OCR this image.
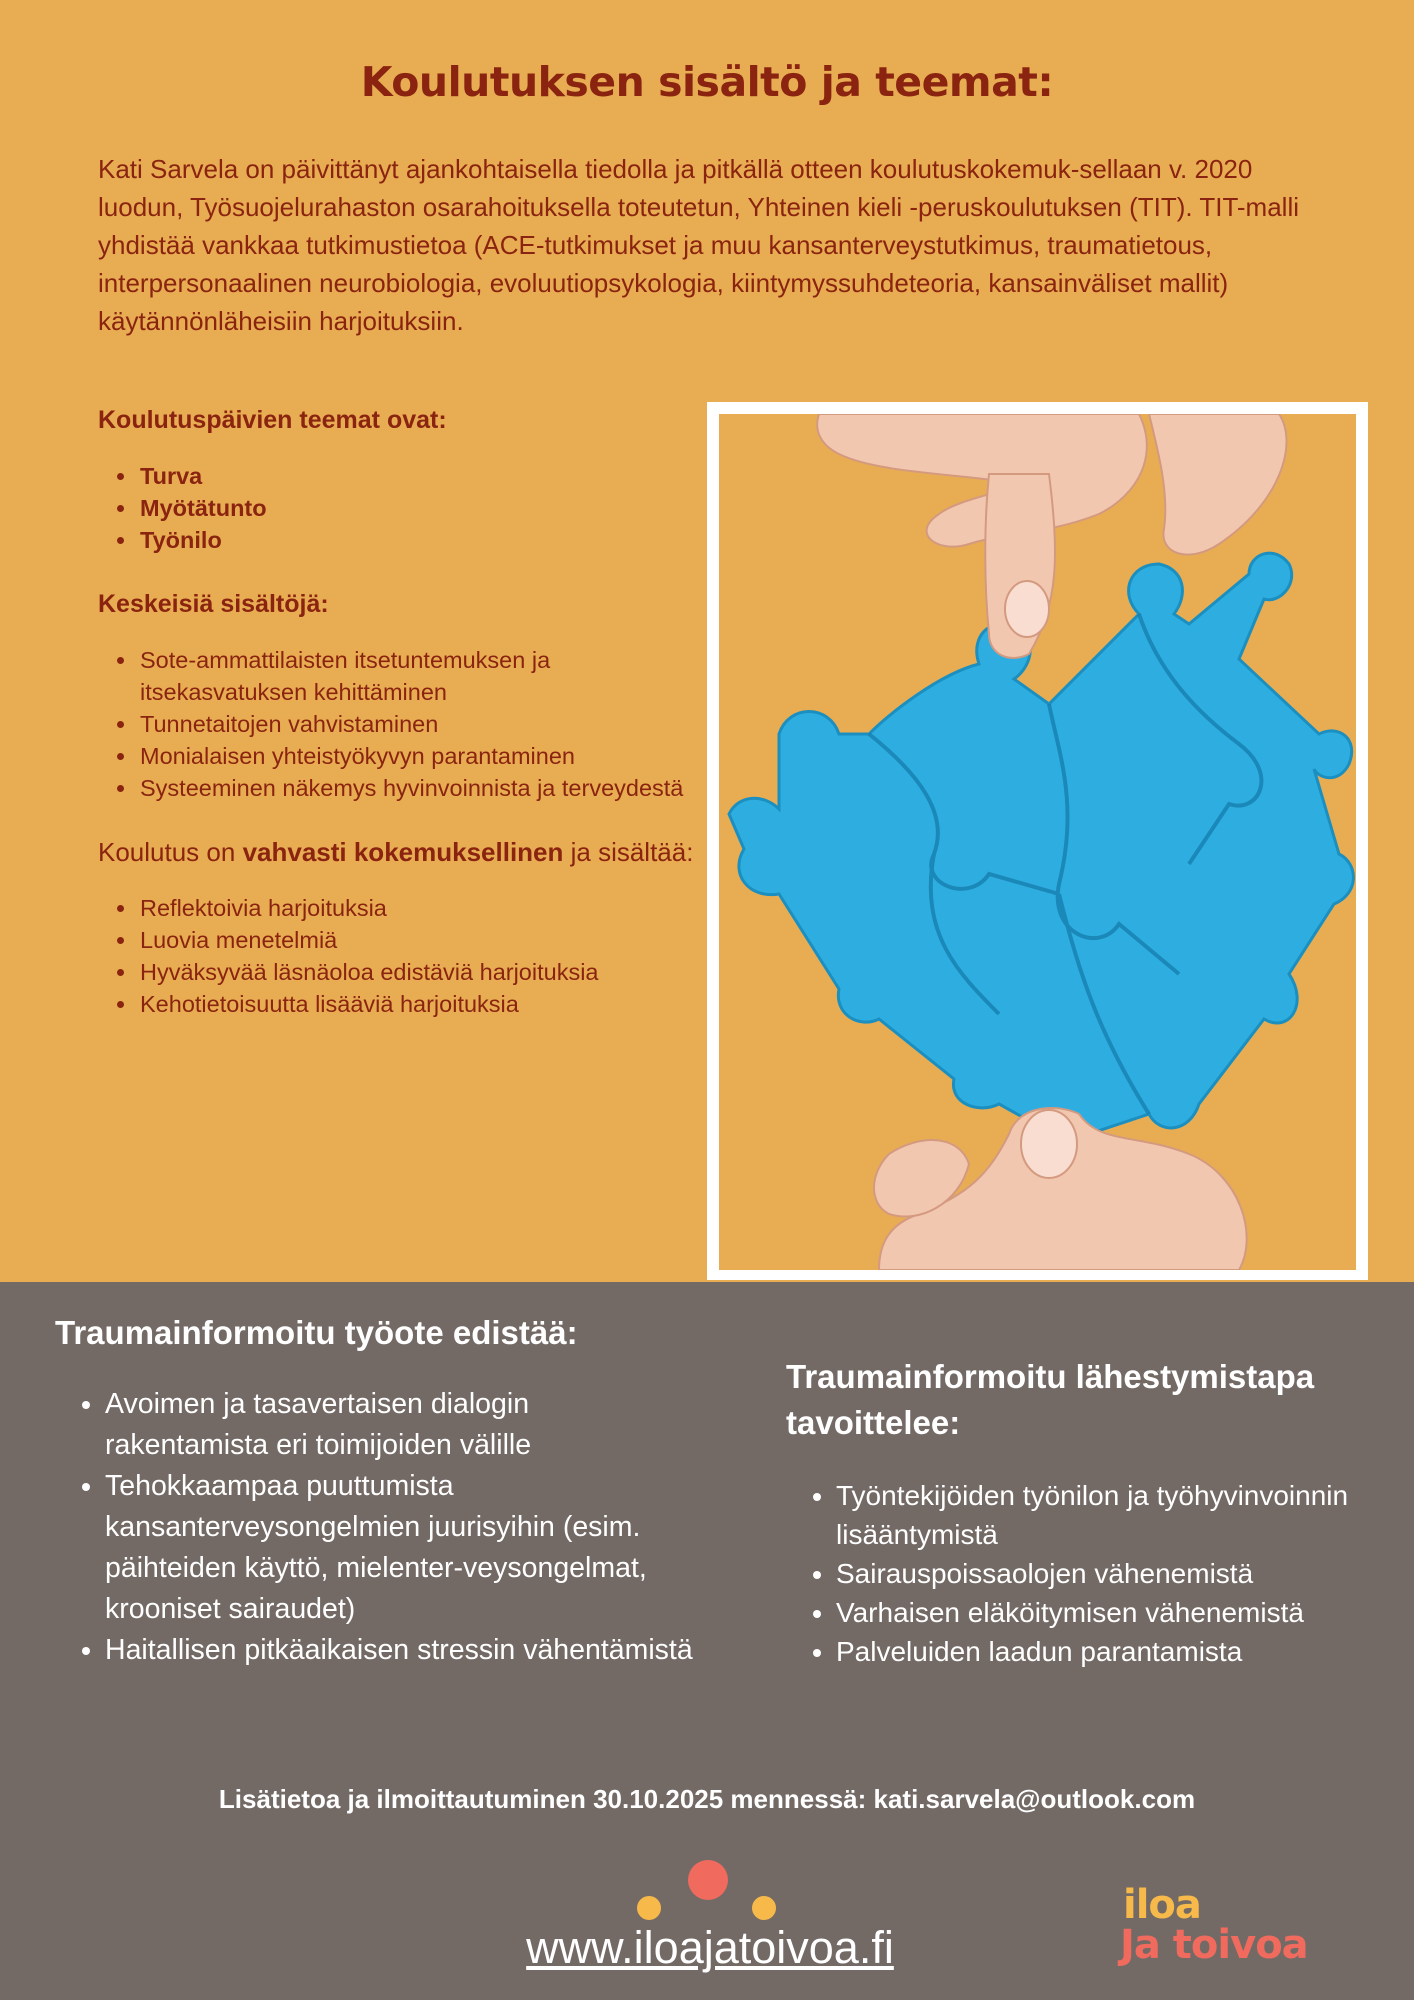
Koulutuksen sisältö ja teemat:

Kati Sarvela on päivittänyt ajankohtaisella tiedolla ja pitkällä otteen koulutuskokemuk-sellaan v. 2020 luodun, Työsuojelurahaston osarahoituksella toteutetun, Yhteinen kieli -peruskoulutuksen (TIT). TIT-malli yhdistää vankkaa tutkimustietoa (ACE-tutkimukset ja muu kansanterveystutkimus, traumatietous, interpersonaalinen neurobiologia, evoluutiopsykologia, kiintymyssuhdeteoria, kansainväliset mallit) käytännönläheisiin harjoituksiin.

Koulutuspäivien teemat ovat:
• Turva
• Myötätunto
• Työnilo
Keskeisiä sisältöjä:
• Sote-ammattilaisten itsetuntemuksen ja itsekasvatuksen kehittäminen
• Tunnetaitojen vahvistaminen
• Monialaisen yhteistyökyvyn parantaminen
• Systeeminen näkemys hyvinvoinnista ja terveydestä

Koulutus on vahvasti kokemuksellinen ja sisältää:

• Reflektoivia harjoituksia
• Luovia menetelmiä
• Hyväksyvää läsnäoloa edistäviä harjoituksia
• Kehotietoisuutta lisääviä harjoituksia
Traumainformoitu työote edistää:
• Avoimen ja tasavertaisen dialogin rakentamista eri toimijoiden välille
• Tehokkaampaa puuttumista kansanterveysongelmien juurisyihin (esim. päihteiden käyttö, mielenter-veysongelmat, krooniset sairaudet)
• Haitallisen pitkäaikaisen stressin vähentämistä
Traumainformoitu lähestymistapa tavoittelee:
• Työntekijöiden työnilon ja työhyvinvoinnin lisääntymistä
• Sairauspoissaolojen vähenemistä
• Varhaisen eläköitymisen vähenemistä
• Palveluiden laadun parantamista
Lisätietoa ja ilmoittautuminen 30.10.2025 mennessä: kati.sarvela@outlook.com
www.iloajatoivoa.fi
iloa
Ja toivoa
